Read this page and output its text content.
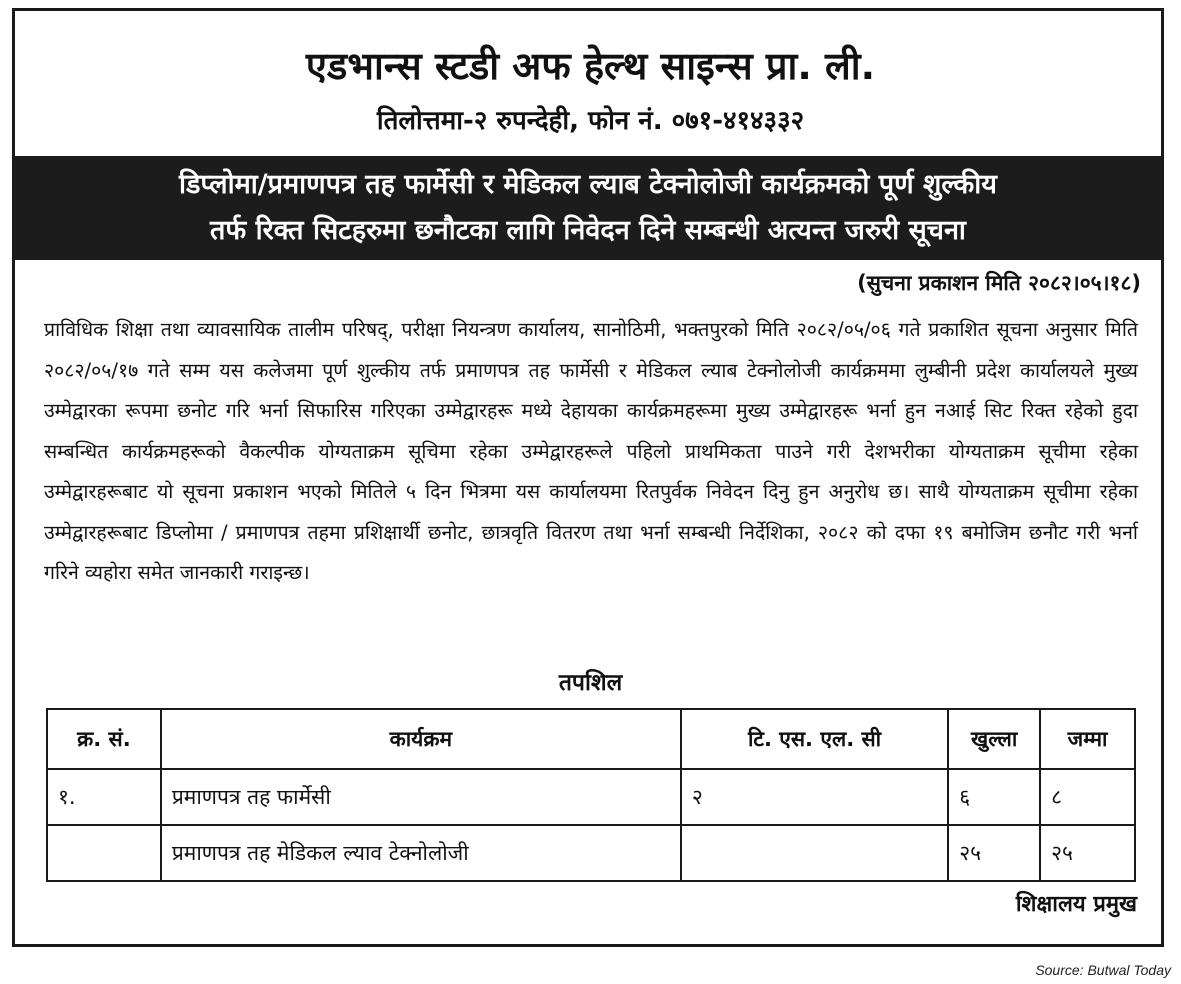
एडभान्स स्टडी अफ हेल्थ साइन्स प्रा. ली.
तिलोत्तमा-२ रुपन्देही, फोन नं. ०७१-४१४३३२
डिप्लोमा/प्रमाणपत्र तह फार्मेसी र मेडिकल ल्याब टेक्नोलोजी कार्यक्रमको पूर्ण शुल्कीय
तर्फ रिक्त सिटहरुमा छनौटका लागि निवेदन दिने सम्बन्धी अत्यन्त जरुरी सूचना
(सुचना प्रकाशन मिति २०८२।०५।१८)
प्राविधिक शिक्षा तथा व्यावसायिक तालीम परिषद्, परीक्षा नियन्त्रण कार्यालय, सानोठिमी, भक्तपुरको मिति २०८२/०५/०६ गते प्रकाशित सूचना अनुसार मिति २०८२/०५/१७ गते सम्म यस कलेजमा पूर्ण शुल्कीय तर्फ प्रमाणपत्र तह फार्मेसी र मेडिकल ल्याब टेक्नोलोजी कार्यक्रममा लुम्बीनी प्रदेश कार्यालयले मुख्य उम्मेद्वारका रूपमा छनोट गरि भर्ना सिफारिस गरिएका उम्मेद्वारहरू मध्ये देहायका कार्यक्रमहरूमा मुख्य उम्मेद्वारहरू भर्ना हुन नआई सिट रिक्त रहेको हुदा सम्बन्धित कार्यक्रमहरूको वैकल्पीक योग्यताक्रम सूचिमा रहेका उम्मेद्वारहरूले पहिलो प्राथमिकता पाउने गरी देशभरीका योग्यताक्रम सूचीमा रहेका उम्मेद्वारहरूबाट यो सूचना प्रकाशन भएको मितिले ५ दिन भित्रमा यस कार्यालयमा रितपुर्वक निवेदन दिनु हुन अनुरोध छ। साथै योग्यताक्रम सूचीमा रहेका उम्मेद्वारहरूबाट डिप्लोमा / प्रमाणपत्र तहमा प्रशिक्षार्थी छनोट, छात्रवृति वितरण तथा भर्ना सम्बन्धी निर्देशिका, २०८२ को दफा १९ बमोजिम छनौट गरी भर्ना गरिने व्यहोरा समेत जानकारी गराइन्छ।
तपशिल
क्र. सं.	कार्यक्रम	टि. एस. एल. सी	खुल्ला	जम्मा
१.	प्रमाणपत्र तह फार्मेसी	२	६	८
	प्रमाणपत्र तह मेडिकल ल्याव टेक्नोलोजी		२५	२५
शिक्षालय प्रमुख
Source: Butwal Today
